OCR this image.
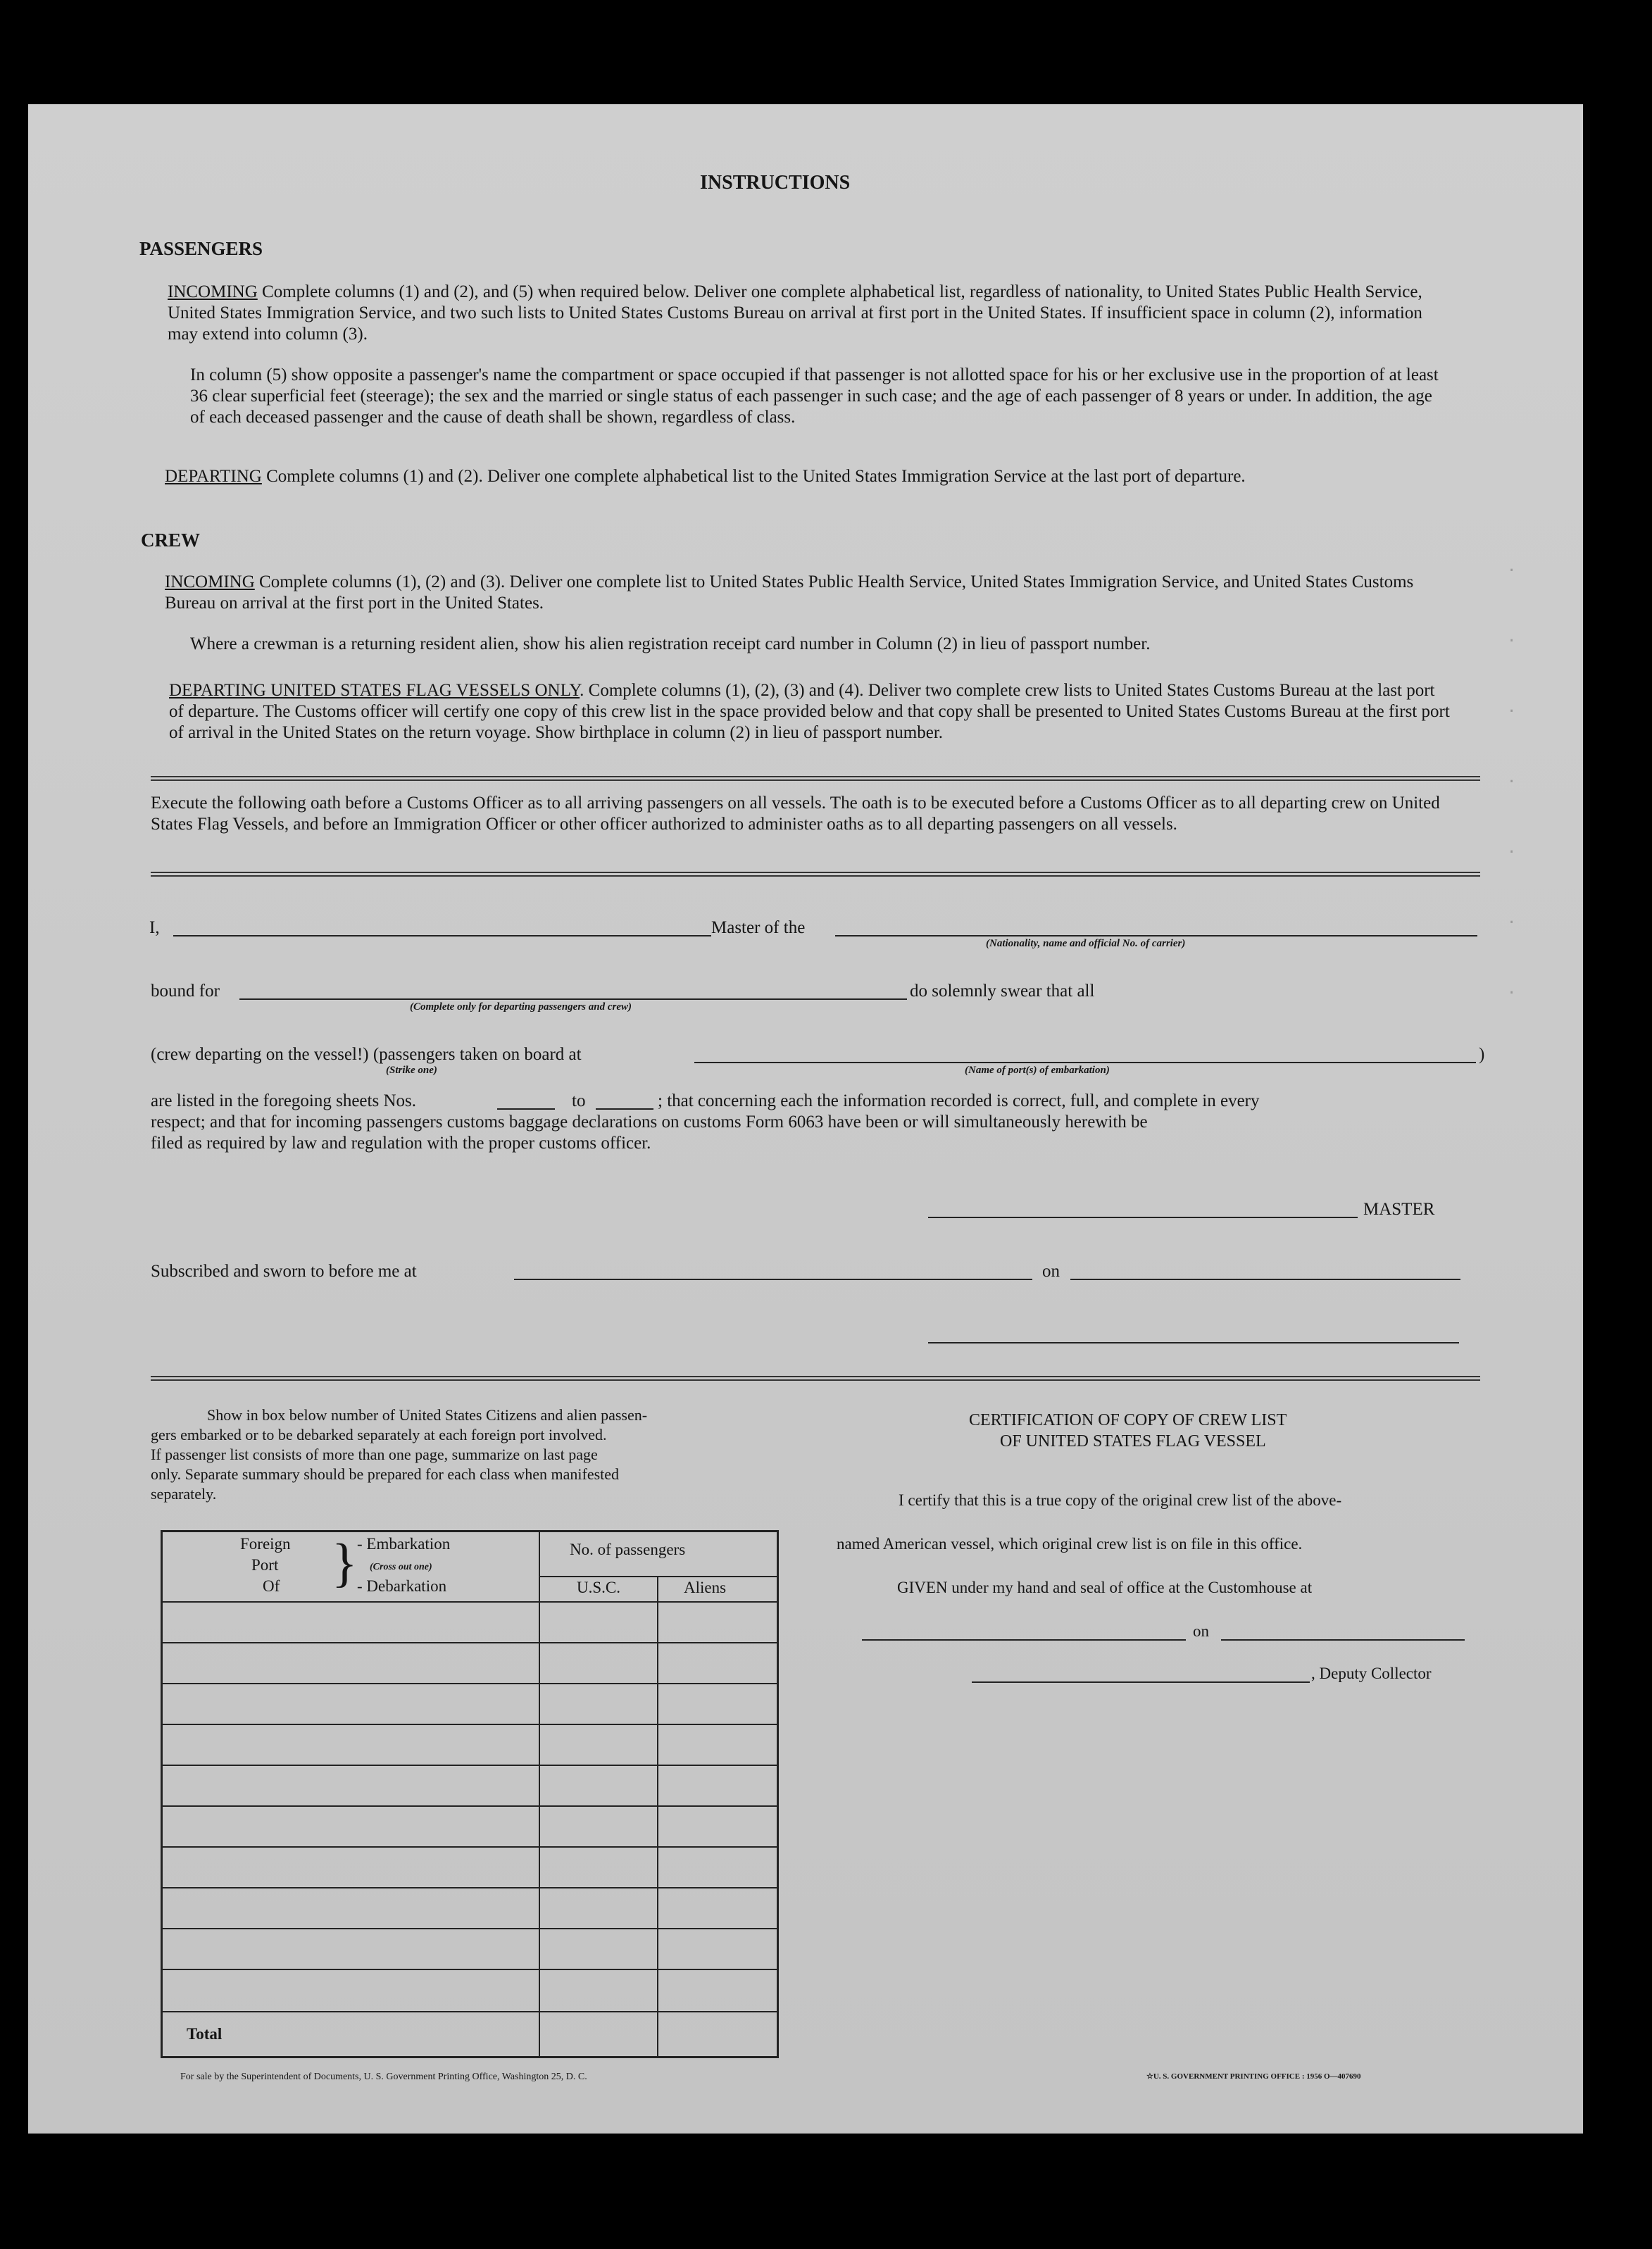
·

·

·

·

·

·

·
INSTRUCTIONS
PASSENGERS
INCOMING Complete columns (1) and (2), and (5) when required below. Deliver one complete alphabetical list, regardless of nationality, to United States Public Health Service, United States Immigration Service, and two such lists to United States Customs Bureau on arrival at first port in the United States. If insufficient space in column (2), information may extend into column (3).
In column (5) show opposite a passenger's name the compartment or space occupied if that passenger is not allotted space for his or her exclusive use in the proportion of at least 36 clear superficial feet (steerage); the sex and the married or single status of each passenger in such case; and the age of each passenger of 8 years or under. In addition, the age of each deceased passenger and the cause of death shall be shown, regardless of class.
DEPARTING Complete columns (1) and (2). Deliver one complete alphabetical list to the United States Immigration Service at the last port of departure.
CREW
INCOMING Complete columns (1), (2) and (3). Deliver one complete list to United States Public Health Service, United States Immigration Service, and United States Customs Bureau on arrival at the first port in the United States.
Where a crewman is a returning resident alien, show his alien registration receipt card number in Column (2) in lieu of passport number.
DEPARTING UNITED STATES FLAG VESSELS ONLY. Complete columns (1), (2), (3) and (4). Deliver two complete crew lists to United States Customs Bureau at the last port of departure. The Customs officer will certify one copy of this crew list in the space provided below and that copy shall be presented to United States Customs Bureau at the first port of arrival in the United States on the return voyage. Show birthplace in column (2) in lieu of passport number.
Execute the following oath before a Customs Officer as to all arriving passengers on all vessels. The oath is to be executed before a Customs Officer as to all departing crew on United States Flag Vessels, and before an Immigration Officer or other officer authorized to administer oaths as to all departing passengers on all vessels.
I,	Master of the
(Nationality, name and official No. of carrier)
bound for
(Complete only for departing passengers and crew)
do solemnly swear that all
(crew departing on the vessel!) (passengers taken on board at
(Strike one)	(Name of port(s) of embarkation)
)
are listed in the foregoing sheets Nos.	to	; that concerning each the information recorded is correct, full, and complete in every
respect; and that for incoming passengers customs baggage declarations on customs Form 6063 have been or will simultaneously herewith be
filed as required by law and regulation with the proper customs officer.
MASTER
Subscribed and sworn to before me at	on
Show in box below number of United States Citizens and alien passen-
gers embarked or to be debarked separately at each foreign port involved.
If passenger list consists of more than one page, summarize on last page
only. Separate summary should be prepared for each class when manifested
separately.
Foreign
Port
Of } - Embarkation
(Cross out one)
- Debarkation
No. of passengers
U.S.C.	Aliens
Total
CERTIFICATION OF COPY OF CREW LIST
OF UNITED STATES FLAG VESSEL
I certify that this is a true copy of the original crew list of the above-
named American vessel, which original crew list is on file in this office.
GIVEN under my hand and seal of office at the Customhouse at
on
, Deputy Collector
For sale by the Superintendent of Documents, U. S. Government Printing Office, Washington 25, D. C.	☆U. S. GOVERNMENT PRINTING OFFICE : 1956 O—407690
